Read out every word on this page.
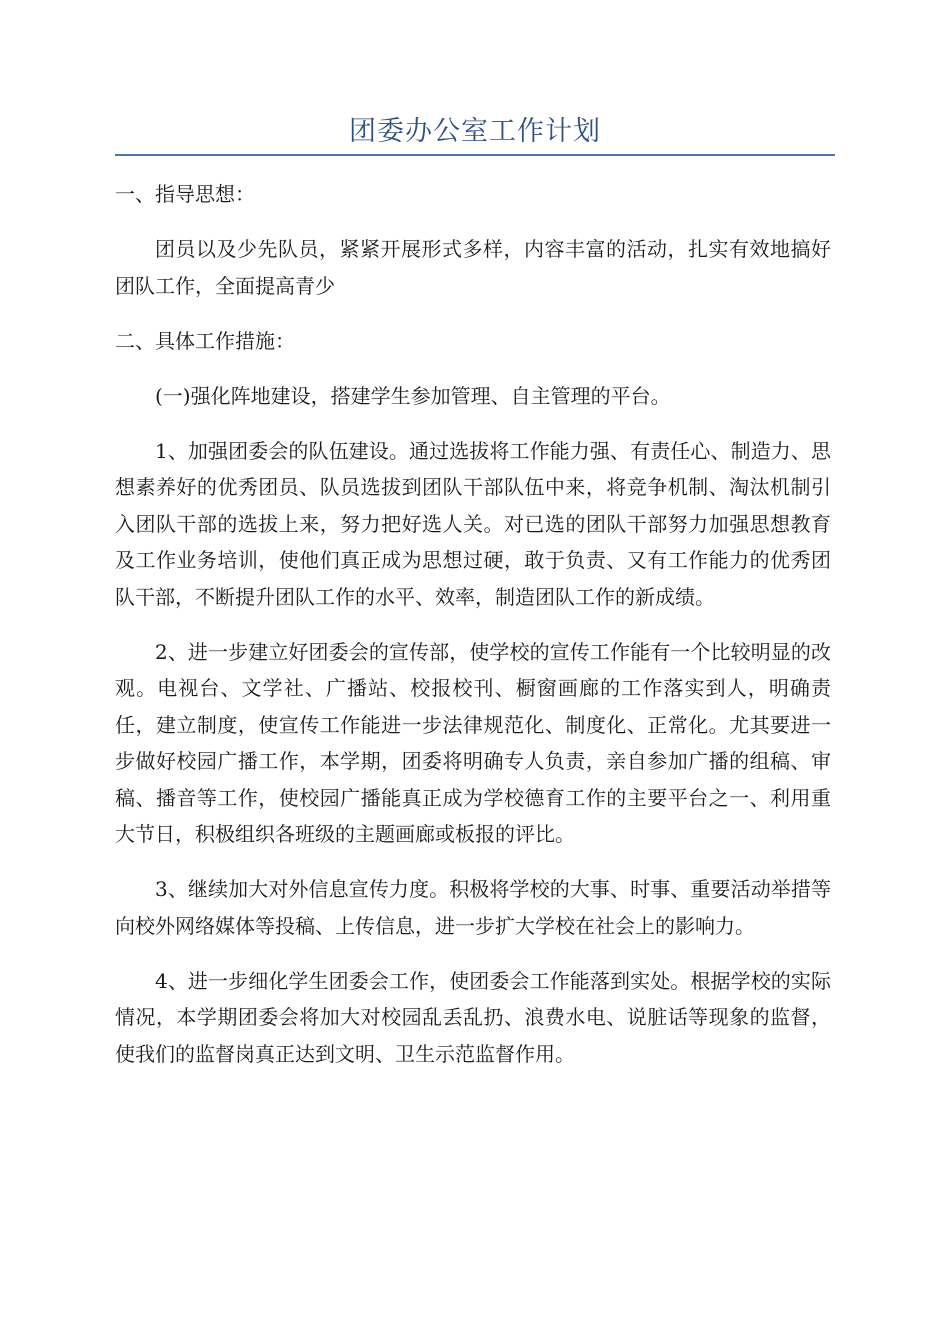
团委办公室工作计划

一、指导思想：

团员以及少先队员，紧紧开展形式多样，内容丰富的活动，扎实有效地搞好团队工作，全面提高青少

二、具体工作措施：

(一)强化阵地建设，搭建学生参加管理、自主管理的平台。

1、加强团委会的队伍建设。通过选拔将工作能力强、有责任心、制造力、思想素养好的优秀团员、队员选拔到团队干部队伍中来，将竞争机制、淘汰机制引入团队干部的选拔上来，努力把好选人关。对已选的团队干部努力加强思想教育及工作业务培训，使他们真正成为思想过硬，敢于负责、又有工作能力的优秀团队干部，不断提升团队工作的水平、效率，制造团队工作的新成绩。

2、进一步建立好团委会的宣传部，使学校的宣传工作能有一个比较明显的改观。电视台、文学社、广播站、校报校刊、橱窗画廊的工作落实到人，明确责任，建立制度，使宣传工作能进一步法律规范化、制度化、正常化。尤其要进一步做好校园广播工作，本学期，团委将明确专人负责，亲自参加广播的组稿、审稿、播音等工作，使校园广播能真正成为学校德育工作的主要平台之一、利用重大节日，积极组织各班级的主题画廊或板报的评比。

3、继续加大对外信息宣传力度。积极将学校的大事、时事、重要活动举措等向校外网络媒体等投稿、上传信息，进一步扩大学校在社会上的影响力。

4、进一步细化学生团委会工作，使团委会工作能落到实处。根据学校的实际情况，本学期团委会将加大对校园乱丢乱扔、浪费水电、说脏话等现象的监督，使我们的监督岗真正达到文明、卫生示范监督作用。
